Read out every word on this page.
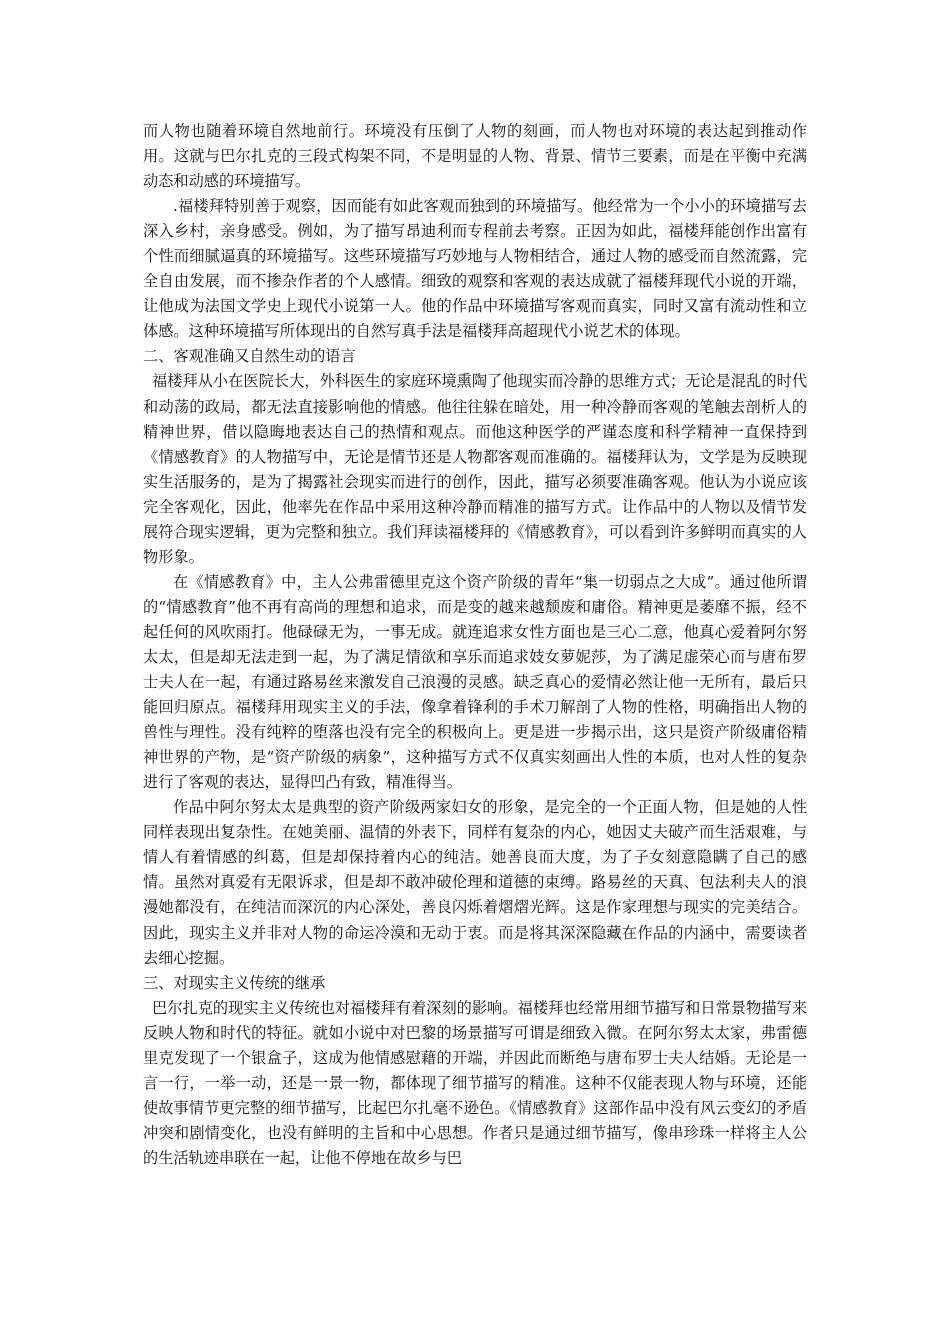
而人物也随着环境自然地前行。环境没有压倒了人物的刻画，而人物也对环境的表达起到推动作用。这就与巴尔扎克的三段式构架不同，不是明显的人物、背景、情节三要素，而是在平衡中充满动态和动感的环境描写。

.福楼拜特别善于观察，因而能有如此客观而独到的环境描写。他经常为一个小小的环境描写去深入乡村，亲身感受。例如，为了描写昂迪利而专程前去考察。正因为如此，福楼拜能创作出富有个性而细腻逼真的环境描写。这些环境描写巧妙地与人物相结合，通过人物的感受而自然流露，完全自由发展，而不掺杂作者的个人感情。细致的观察和客观的表达成就了福楼拜现代小说的开端，让他成为法国文学史上现代小说第一人。他的作品中环境描写客观而真实，同时又富有流动性和立体感。这种环境描写所体现出的自然写真手法是福楼拜高超现代小说艺术的体现。

二、客观准确又自然生动的语言

福楼拜从小在医院长大，外科医生的家庭环境熏陶了他现实而冷静的思维方式；无论是混乱的时代和动荡的政局，都无法直接影响他的情感。他往往躲在暗处，用一种冷静而客观的笔触去剖析人的精神世界，借以隐晦地表达自己的热情和观点。而他这种医学的严谨态度和科学精神一直保持到《情感教育》的人物描写中，无论是情节还是人物都客观而准确的。福楼拜认为，文学是为反映现实生活服务的，是为了揭露社会现实而进行的创作，因此，描写必须要准确客观。他认为小说应该完全客观化，因此，他率先在作品中采用这种冷静而精准的描写方式。让作品中的人物以及情节发展符合现实逻辑，更为完整和独立。我们拜读福楼拜的《情感教育》，可以看到许多鲜明而真实的人物形象。

在《情感教育》中，主人公弗雷德里克这个资产阶级的青年“集一切弱点之大成”。通过他所谓的“情感教育”他不再有高尚的理想和追求，而是变的越来越颓废和庸俗。精神更是萎靡不振，经不起任何的风吹雨打。他碌碌无为，一事无成。就连追求女性方面也是三心二意，他真心爱着阿尔努太太，但是却无法走到一起，为了满足情欲和享乐而追求妓女萝妮莎，为了满足虚荣心而与唐布罗士夫人在一起，有通过路易丝来激发自己浪漫的灵感。缺乏真心的爱情必然让他一无所有，最后只能回归原点。福楼拜用现实主义的手法，像拿着锋利的手术刀解剖了人物的性格，明确指出人物的兽性与理性。没有纯粹的堕落也没有完全的积极向上。更是进一步揭示出，这只是资产阶级庸俗精神世界的产物，是“资产阶级的病象”，这种描写方式不仅真实刻画出人性的本质，也对人性的复杂进行了客观的表达，显得凹凸有致，精准得当。

作品中阿尔努太太是典型的资产阶级两家妇女的形象，是完全的一个正面人物，但是她的人性同样表现出复杂性。在她美丽、温情的外表下，同样有复杂的内心，她因丈夫破产而生活艰难，与情人有着情感的纠葛，但是却保持着内心的纯洁。她善良而大度，为了子女刻意隐瞒了自己的感情。虽然对真爱有无限诉求，但是却不敢冲破伦理和道德的束缚。路易丝的天真、包法利夫人的浪漫她都没有，在纯洁而深沉的内心深处，善良闪烁着熠熠光辉。这是作家理想与现实的完美结合。因此，现实主义并非对人物的命运冷漠和无动于衷。而是将其深深隐藏在作品的内涵中，需要读者去细心挖掘。

三、对现实主义传统的继承

巴尔扎克的现实主义传统也对福楼拜有着深刻的影响。福楼拜也经常用细节描写和日常景物描写来反映人物和时代的特征。就如小说中对巴黎的场景描写可谓是细致入微。在阿尔努太太家，弗雷德里克发现了一个银盒子，这成为他情感慰藉的开端，并因此而断绝与唐布罗士夫人结婚。无论是一言一行，一举一动，还是一景一物，都体现了细节描写的精准。这种不仅能表现人物与环境，还能使故事情节更完整的细节描写，比起巴尔扎毫不逊色。《情感教育》这部作品中没有风云变幻的矛盾冲突和剧情变化，也没有鲜明的主旨和中心思想。作者只是通过细节描写，像串珍珠一样将主人公的生活轨迹串联在一起，让他不停地在故乡与巴
